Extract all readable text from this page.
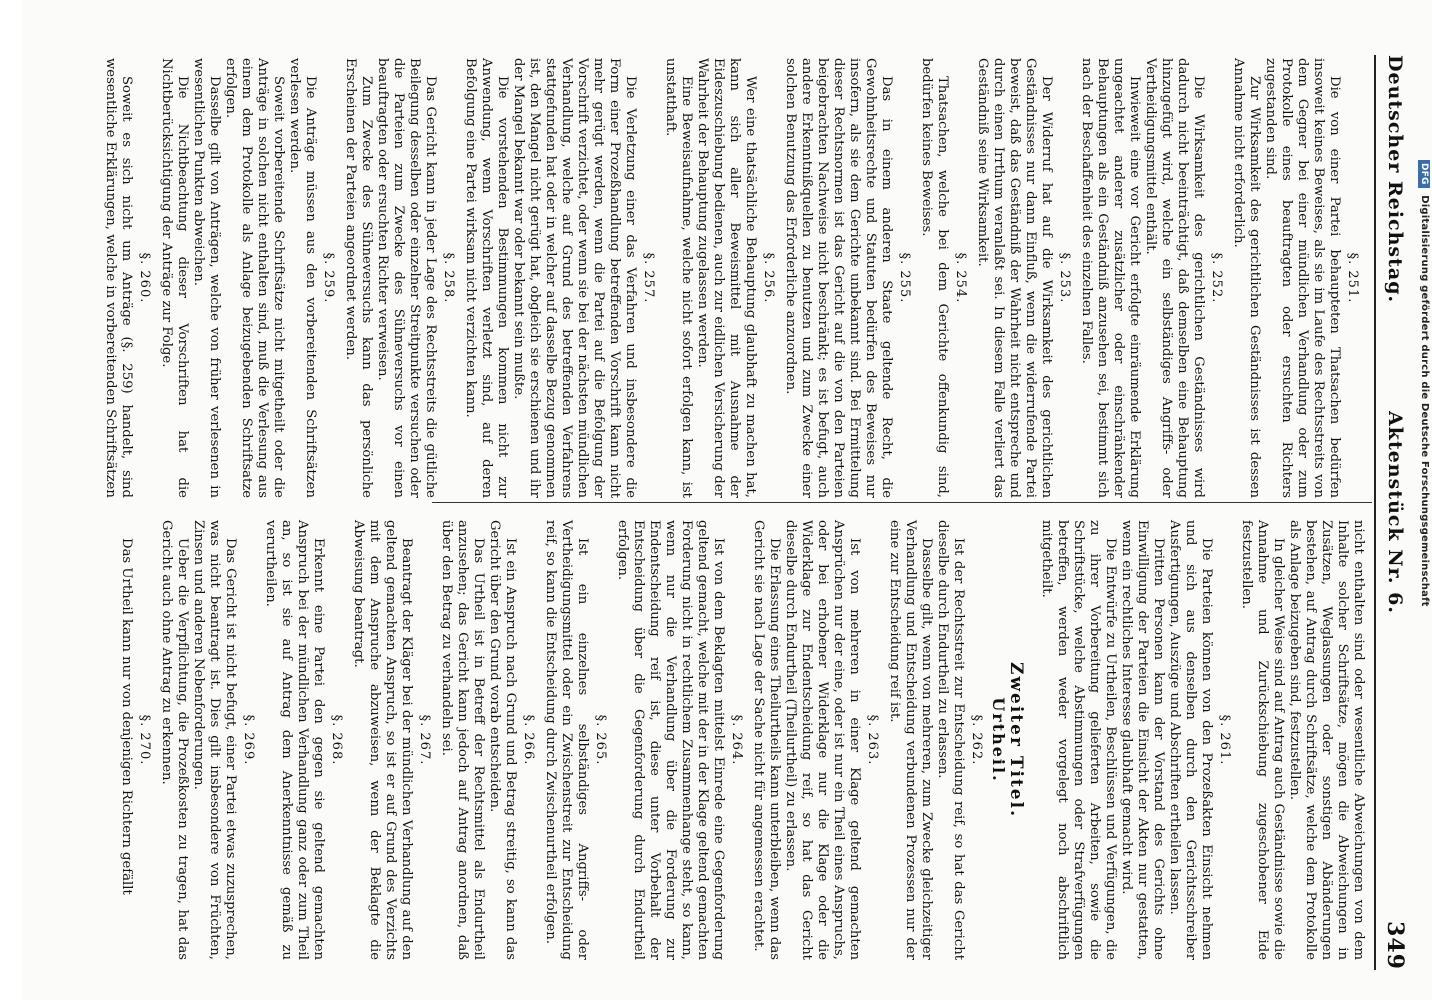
Deutscher Reichstag.
Aktenstück Nr. 6.
349
§. 251.
Die von einer Partei behaupteten Thatsachen bedürfen insoweit keines Beweises, als sie im Laufe des Rechtsstreits von dem Gegner bei einer mündlichen Verhandlung oder zum Protokolle eines beauftragten oder ersuchten Richters zugestanden sind.
Zur Wirksamkeit des gerichtlichen Geständnisses ist dessen Annahme nicht erforderlich.
§. 252.
Die Wirksamkeit des gerichtlichen Geständnisses wird dadurch nicht beeinträchtigt, daß demselben eine Behauptung hinzugefügt wird, welche ein selbständiges Angriffs- oder Vertheidigungsmittel enthält.
Inwieweit eine vor Gericht erfolgte einräumende Erklärung ungeachtet anderer zusätzlicher oder einschränkender Behauptungen als ein Geständniß anzusehen sei, bestimmt sich nach der Beschaffenheit des einzelnen Falles.
§. 253.
Der Widerruf hat auf die Wirksamkeit des gerichtlichen Geständnisses nur dann Einfluß, wenn die widerrufende Partei beweist, daß das Geständniß der Wahrheit nicht entspreche und durch einen Irrthum veranlaßt sei. In diesem Falle verliert das Geständniß seine Wirksamkeit.
§. 254.
Thatsachen, welche bei dem Gerichte offenkundig sind, bedürfen keines Beweises.
§. 255.
Das in einem anderen Staate geltende Recht, die Gewohnheitsrechte und Statuten bedürfen des Beweises nur insofern, als sie dem Gerichte unbekannt sind. Bei Ermittelung dieser Rechtsnormen ist das Gericht auf die von den Parteien beigebrachten Nachweise nicht beschränkt; es ist befugt, auch andere Erkenntnißquellen zu benutzen und zum Zwecke einer solchen Benutzung das Erforderliche anzuordnen.
§. 256.
Wer eine thatsächliche Behauptung glaubhaft zu machen hat, kann sich aller Beweismittel mit Ausnahme der Eideszuschiebung bedienen, auch zur eidlichen Versicherung der Wahrheit der Behauptung zugelassen werden.
Eine Beweisaufnahme, welche nicht sofort erfolgen kann, ist unstatthaft.
§. 257.
Die Verletzung einer das Verfahren und insbesondere die Form einer Prozeßhandlung betreffenden Vorschrift kann nicht mehr gerügt werden, wenn die Partei auf die Befolgung der Vorschrift verzichtet, oder wenn sie bei der nächsten mündlichen Verhandlung, welche auf Grund des betreffenden Verfahrens stattgefunden hat oder in welcher auf dasselbe Bezug genommen ist, den Mangel nicht gerügt hat, obgleich sie erschienen und ihr der Mangel bekannt war oder bekannt sein mußte.
Die vorstehenden Bestimmungen kommen nicht zur Anwendung, wenn Vorschriften verletzt sind, auf deren Befolgung eine Partei wirksam nicht verzichten kann.
§. 258.
Das Gericht kann in jeder Lage des Rechtsstreits die gütliche Beilegung desselben oder einzelner Streitpunkte versuchen oder die Parteien zum Zwecke des Sühneversuchs vor einen beauftragten oder ersuchten Richter verweisen.
Zum Zwecke des Sühneversuchs kann das persönliche Erscheinen der Parteien angeordnet werden.
§. 259.
Die Anträge müssen aus den vorbereitenden Schriftsätzen verlesen werden.
Soweit vorbereitende Schriftsätze nicht mitgetheilt oder die Anträge in solchen nicht enthalten sind, muß die Verlesung aus einem dem Protokolle als Anlage beizugebenden Schriftsatze erfolgen.
Dasselbe gilt von Anträgen, welche von früher verlesenen in wesentlichen Punkten abweichen.
Die Nichtbeachtung dieser Vorschriften hat die Nichtberücksichtigung der Anträge zur Folge.
§. 260.
Soweit es sich nicht um Anträge (§. 259) handelt, sind wesentliche Erklärungen, welche in vorbereitenden Schriftsätzen
nicht enthalten sind oder wesentliche Abweichungen von dem Inhalte solcher Schriftsätze, mögen die Abweichungen in Zusätzen, Weglassungen oder sonstigen Abänderungen bestehen, auf Antrag durch Schriftsätze, welche dem Protokolle als Anlage beizugeben sind, festzustellen.
In gleicher Weise sind auf Antrag auch Geständnisse sowie die Annahme und Zurückschiebung zugeschobener Eide festzustellen.
§. 261.
Die Parteien können von den Prozeßakten Einsicht nehmen und sich aus denselben durch den Gerichtsschreiber Ausfertigungen, Auszüge und Abschriften ertheilen lassen.
Dritten Personen kann der Vorstand des Gerichts ohne Einwilligung der Parteien die Einsicht der Akten nur gestatten, wenn ein rechtliches Interesse glaubhaft gemacht wird.
Die Entwürfe zu Urtheilen, Beschlüssen und Verfügungen, die zu ihrer Vorbereitung gelieferten Arbeiten, sowie die Schriftstücke, welche Abstimmungen oder Strafverfügungen betreffen, werden weder vorgelegt noch abschriftlich mitgetheilt.
Zweiter Titel.
Urtheil.
§. 262.
Ist der Rechtsstreit zur Entscheidung reif, so hat das Gericht dieselbe durch Endurtheil zu erlassen.
Dasselbe gilt, wenn von mehreren, zum Zwecke gleichzeitiger Verhandlung und Entscheidung verbundenen Prozessen nur der eine zur Entscheidung reif ist.
§. 263.
Ist von mehreren in einer Klage geltend gemachten Ansprüchen nur der eine, oder ist nur ein Theil eines Anspruchs, oder bei erhobener Widerklage nur die Klage oder die Widerklage zur Endentscheidung reif, so hat das Gericht dieselbe durch Endurtheil (Theilurtheil) zu erlassen.
Die Erlassung eines Theilurtheils kann unterbleiben, wenn das Gericht sie nach Lage der Sache nicht für angemessen erachtet.
§. 264.
Ist von dem Beklagten mittelst Einrede eine Gegenforderung geltend gemacht, welche mit der in der Klage geltend gemachten Forderung nicht in rechtlichem Zusammenhange steht, so kann, wenn nur die Verhandlung über die Forderung zur Endentscheidung reif ist, diese unter Vorbehalt der Entscheidung über die Gegenforderung durch Endurtheil erfolgen.
§. 265.
Ist ein einzelnes selbständiges Angriffs- oder Vertheidigungsmittel oder ein Zwischenstreit zur Entscheidung reif, so kann die Entscheidung durch Zwischenurtheil erfolgen.
§. 266.
Ist ein Anspruch nach Grund und Betrag streitig, so kann das Gericht über den Grund vorab entscheiden.
Das Urtheil ist in Betreff der Rechtsmittel als Endurtheil anzusehen; das Gericht kann jedoch auf Antrag anordnen, daß über den Betrag zu verhandeln sei.
§. 267.
Beantragt der Kläger bei der mündlichen Verhandlung auf den geltend gemachten Anspruch, so ist er auf Grund des Verzichts mit dem Anspruche abzuweisen, wenn der Beklagte die Abweisung beantragt.
§. 268.
Erkennt eine Partei den gegen sie geltend gemachten Anspruch bei der mündlichen Verhandlung ganz oder zum Theil an, so ist sie auf Antrag dem Anerkenntnisse gemäß zu verurtheilen.
§. 269.
Das Gericht ist nicht befugt, einer Partei etwas zuzusprechen, was nicht beantragt ist. Dies gilt insbesondere von Früchten, Zinsen und anderen Nebenforderungen.
Ueber die Verpflichtung, die Prozeßkosten zu tragen, hat das Gericht auch ohne Antrag zu erkennen.
§. 270.
Das Urtheil kann nur von denjenigen Richtern gefällt
DFG Digitalisierung gefördert durch die Deutsche Forschungsgemeinschaft
